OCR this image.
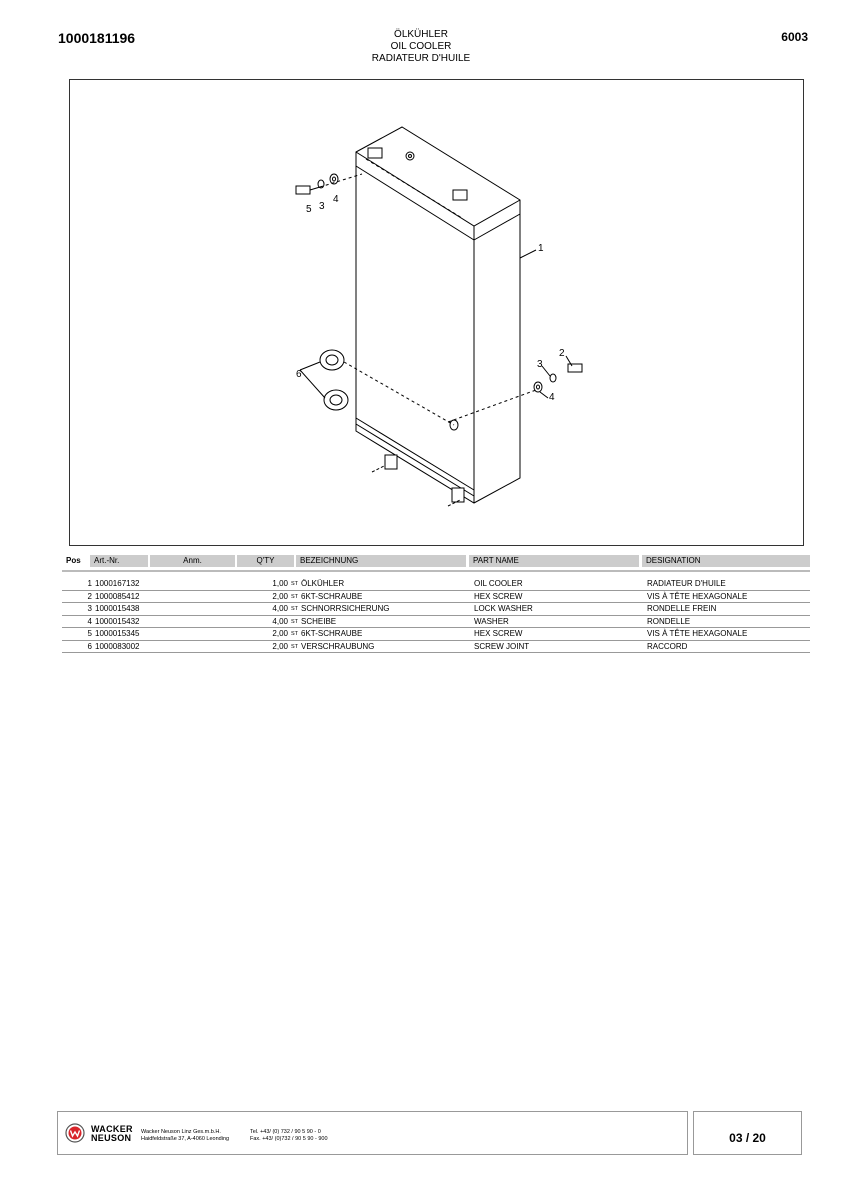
1000181196	ÖLKÜHLER
OIL COOLER
RADIATEUR D'HUILE
6003
1
2
3
4
5
3
4
6
Pos	Art.-Nr.	Anm.	Q'TY	BEZEICHNUNG	PART NAME	DESIGNATION
1 1000167132	1,00 ST ÖLKÜHLER	OIL COOLER	RADIATEUR D'HUILE
2 1000085412	2,00 ST 6KT-SCHRAUBE	HEX SCREW	VIS À TÊTE HEXAGONALE
3 1000015438	4,00 ST SCHNORRSICHERUNG	LOCK WASHER	RONDELLE FREIN
4 1000015432	4,00 ST SCHEIBE	WASHER	RONDELLE
5 1000015345	2,00 ST 6KT-SCHRAUBE	HEX SCREW	VIS À TÊTE HEXAGONALE
6 1000083002	2,00 ST VERSCHRAUBUNG	SCREW JOINT	RACCORD
WACKER
NEUSON
Wacker Neuson Linz Ges.m.b.H.
Haidfeldstraße 37, A-4060 Leonding
Tel. +43/ (0) 732 / 90 5 90 - 0
Fax. +43/ (0)732 / 90 5 90 - 900	03 / 20
